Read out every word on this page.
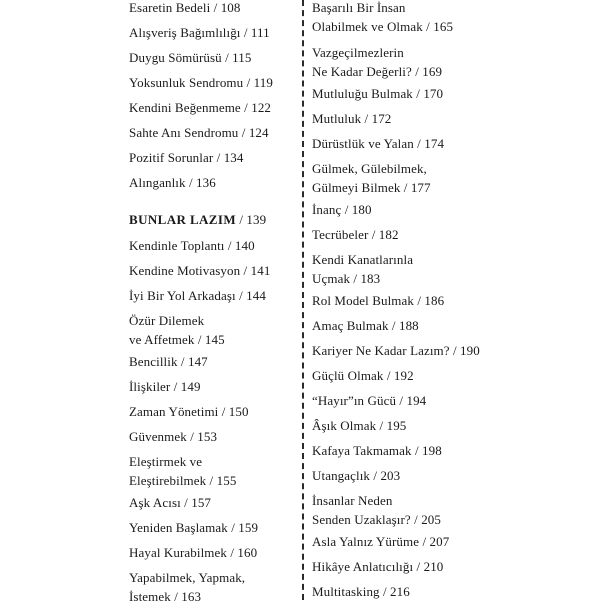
Esaretin Bedeli / 108
Alışveriş Bağımlılığı / 111
Duygu Sömürüsü / 115
Yoksunluk Sendromu / 119
Kendini Beğenmeme / 122
Sahte Anı Sendromu / 124
Pozitif Sorunlar / 134
Alınganlık / 136
BUNLAR LAZIM / 139
Kendinle Toplantı / 140
Kendine Motivasyon / 141
İyi Bir Yol Arkadaşı / 144
Özür Dilemek
ve Affetmek / 145
Bencillik / 147
İlişkiler / 149
Zaman Yönetimi / 150
Güvenmek / 153
Eleştirmek ve
Eleştirebilmek / 155
Aşk Acısı / 157
Yeniden Başlamak / 159
Hayal Kurabilmek / 160
Yapabilmek, Yapmak,
İstemek / 163
Başarılı Bir İnsan
Olabilmek ve Olmak / 165
Vazgeçilmezlerin
Ne Kadar Değerli? / 169
Mutluluğu Bulmak / 170
Mutluluk / 172
Dürüstlük ve Yalan / 174
Gülmek, Gülebilmek,
Gülmeyi Bilmek / 177
İnanç / 180
Tecrübeler / 182
Kendi Kanatlarınla
Uçmak / 183
Rol Model Bulmak / 186
Amaç Bulmak / 188
Kariyer Ne Kadar Lazım? / 190
Güçlü Olmak / 192
“Hayır”ın Gücü / 194
Âşık Olmak / 195
Kafaya Takmamak / 198
Utangaçlık / 203
İnsanlar Neden
Senden Uzaklaşır? / 205
Asla Yalnız Yürüme / 207
Hikâye Anlatıcılığı / 210
Multitasking / 216
